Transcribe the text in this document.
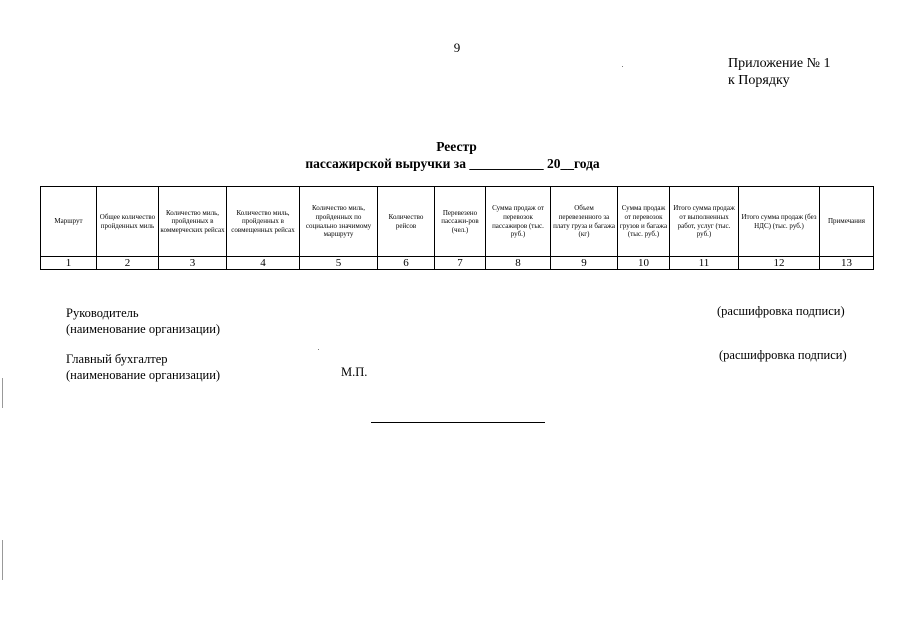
9
Приложение № 1
к Порядку
Реестр
пассажирской выручки за ___________ 20__года
Маршрут	Общее количество пройденных миль	Количество миль, пройденных в коммерческих рейсах	Количество миль, пройденных в совмещенных рейсах	Количество миль, пройденных по социально значимому маршруту	Количество рейсов	Перевезено пассажи-ров (чел.)	Сумма продаж от перевозок пассажиров (тыс. руб.)	Объем перевезенного за плату груза и багажа (кг)	Сумма продаж от перевозок грузов и багажа (тыс. руб.)	Итого сумма продаж от выполненных работ, услуг (тыс. руб.)	Итого сумма продаж (без НДС) (тыс. руб.)	Примечания
1	2	3	4	5	6	7	8	9	10	11	12	13
Руководитель
(наименование организации)
(расшифровка подписи)
Главный бухгалтер
(наименование организации)
(расшифровка подписи)
М.П.
